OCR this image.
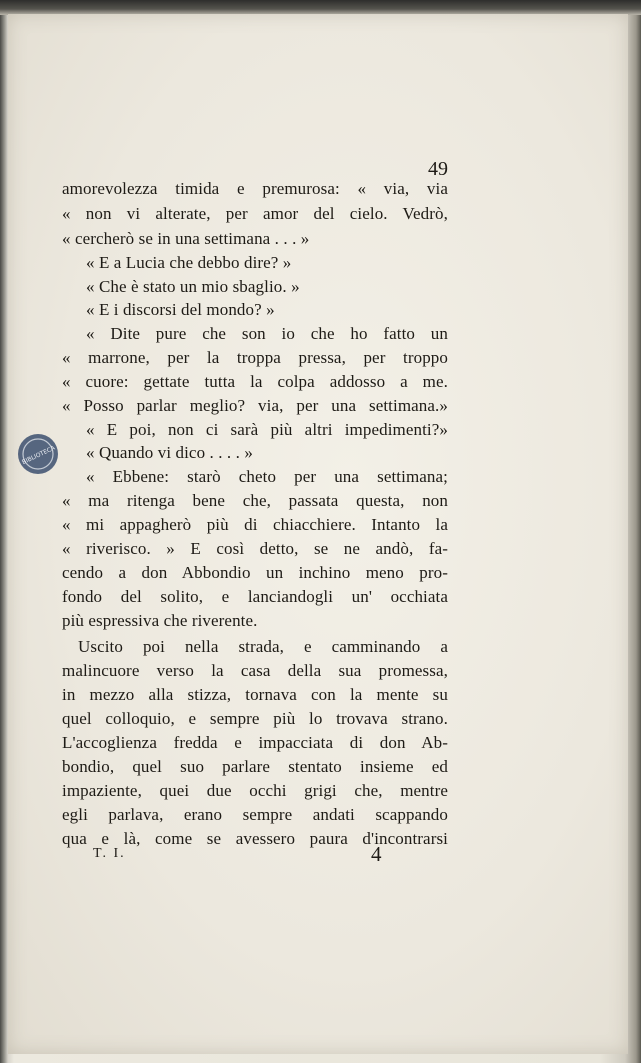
BIBLIOTECA
49
amorevolezza timida e premurosa: « via, via
« non vi alterate, per amor del cielo. Vedrò,
« cercherò se in una settimana . . . »
« E a Lucia che debbo dire? »
« Che è stato un mio sbaglio. »
« E i discorsi del mondo? »
« Dite pure che son io che ho fatto un
« marrone, per la troppa pressa, per troppo
« cuore: gettate tutta la colpa addosso a me.
« Posso parlar meglio? via, per una settimana.»
« E poi, non ci sarà più altri impedimenti?»
« Quando vi dico . . . . »
« Ebbene: starò cheto per una settimana;
« ma ritenga bene che, passata questa, non
« mi appagherò più di chiacchiere. Intanto la
« riverisco. » E così detto, se ne andò, fa-
cendo a don Abbondio un inchino meno pro-
fondo del solito, e lanciandogli un' occhiata
più espressiva che riverente.
Uscito poi nella strada, e camminando a
malincuore verso la casa della sua promessa,
in mezzo alla stizza, tornava con la mente su
quel colloquio, e sempre più lo trovava strano.
L'accoglienza fredda e impacciata di don Ab-
bondio, quel suo parlare stentato insieme ed
impaziente, quei due occhi grigi che, mentre
egli parlava, erano sempre andati scappando
qua e là, come se avessero paura d'incontrarsi
T. I.	4
